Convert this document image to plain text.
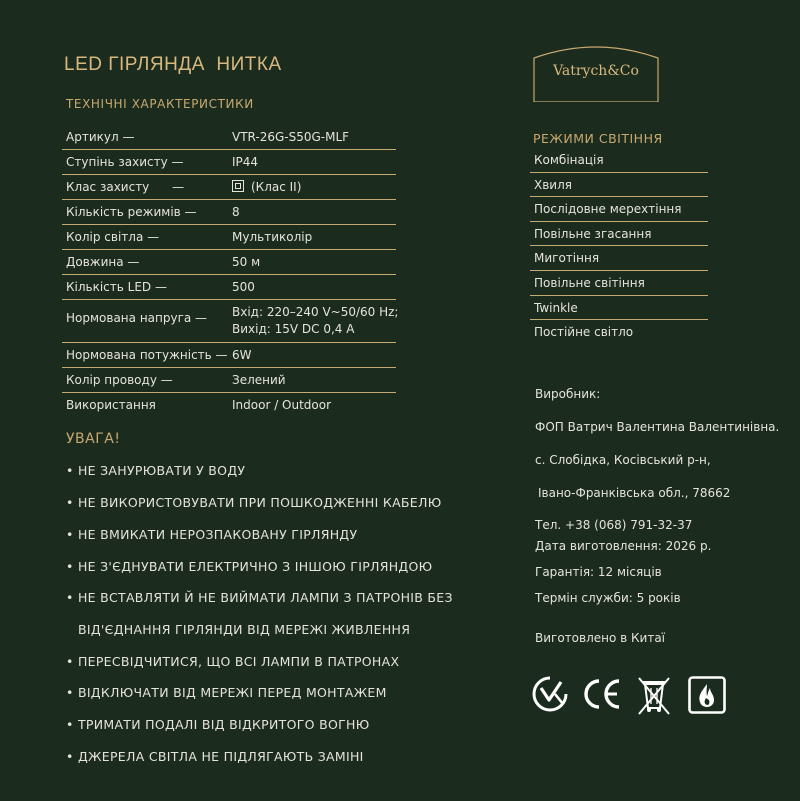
LED ГІРЛЯНДА  НИТКА
ТЕХНІЧНІ ХАРАКТЕРИСТИКИ
Артикул —	VTR-26G-S50G-MLF
Ступінь захисту —	IP44
Клас захисту      —	(Клас II)
Кількість режимів —	8
Колір світла —	Мультиколір
Довжина —	50 м
Кількість LED —	500
Нормована напруга — Вхід: 220–240 V~50/60 Hz;
Вихід: 15V DC 0,4 A
Нормована потужність — 6W
Колір проводу —	Зелений
Використання	Indoor / Outdoor
УВАГА!
• НЕ ЗАНУРЮВАТИ У ВОДУ
• НЕ ВИКОРИСТОВУВАТИ ПРИ ПОШКОДЖЕННІ КАБЕЛЮ
• НЕ ВМИКАТИ НЕРОЗПАКОВАНУ ГІРЛЯНДУ
• НЕ З'ЄДНУВАТИ ЕЛЕКТРИЧНО З ІНШОЮ ГІРЛЯНДОЮ
• НЕ ВСТАВЛЯТИ Й НЕ ВИЙМАТИ ЛАМПИ З ПАТРОНІВ БЕЗ
ВІД'ЄДНАННЯ ГІРЛЯНДИ ВІД МЕРЕЖІ ЖИВЛЕННЯ
• ПЕРЕСВІДЧИТИСЯ, ЩО ВСІ ЛАМПИ В ПАТРОНАХ
• ВІДКЛЮЧАТИ ВІД МЕРЕЖІ ПЕРЕД МОНТАЖЕМ
• ТРИМАТИ ПОДАЛІ ВІД ВІДКРИТОГО ВОГНЮ
• ДЖЕРЕЛА СВІТЛА НЕ ПІДЛЯГАЮТЬ ЗАМІНІ
Vatrych&Co
РЕЖИМИ СВІТІННЯ
Комбінація
Хвиля
Послідовне мерехтіння
Повільне згасання
Миготіння
Повільне світіння
Twinkle
Постійне світло
Виробник:
ФОП Ватрич Валентина Валентинівна.
с. Слобідка, Косівський р-н,
Івано-Франківська обл., 78662
Тел. +38 (068) 791-32-37
Дата виготовлення: 2026 р.
Гарантія: 12 місяців
Термін служби: 5 років
Виготовлено в Китаї
